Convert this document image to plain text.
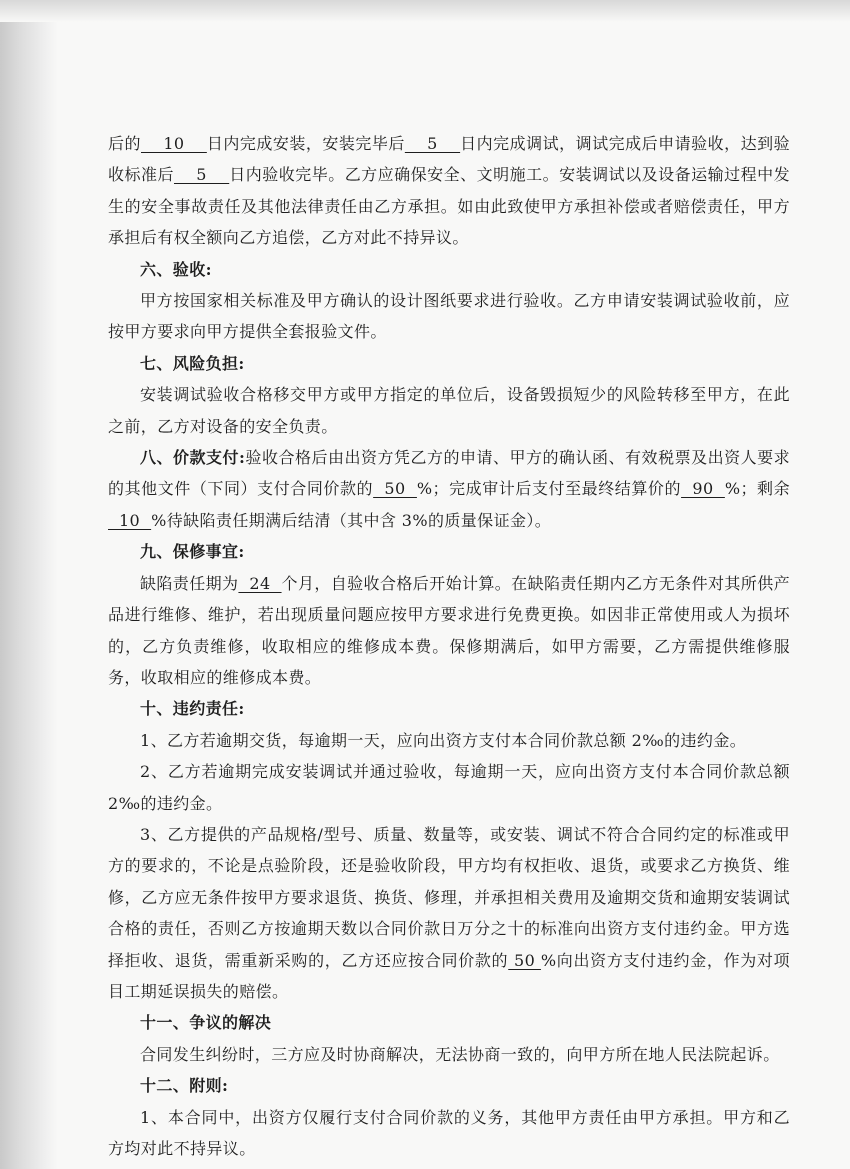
后的    10    日内完成安装，安装完毕后    5    日内完成调试，调试完成后申请验收，达到验收标准后    5    日内验收完毕。乙方应确保安全、文明施工。安装调试以及设备运输过程中发生的安全事故责任及其他法律责任由乙方承担。如由此致使甲方承担补偿或者赔偿责任，甲方承担后有权全额向乙方追偿，乙方对此不持异议。

六、验收:

甲方按国家相关标准及甲方确认的设计图纸要求进行验收。乙方申请安装调试验收前，应按甲方要求向甲方提供全套报验文件。

七、风险负担:

安装调试验收合格移交甲方或甲方指定的单位后，设备毁损短少的风险转移至甲方，在此之前，乙方对设备的安全负责。

八、价款支付:验收合格后由出资方凭乙方的申请、甲方的确认函、有效税票及出资人要求的其他文件（下同）支付合同价款的  50  %；完成审计后支付至最终结算价的  90  %；剩余  10  %待缺陷责任期满后结清（其中含 3%的质量保证金）。

九、保修事宜:

缺陷责任期为  24  个月，自验收合格后开始计算。在缺陷责任期内乙方无条件对其所供产品进行维修、维护，若出现质量问题应按甲方要求进行免费更换。如因非正常使用或人为损坏的，乙方负责维修，收取相应的维修成本费。保修期满后，如甲方需要，乙方需提供维修服务，收取相应的维修成本费。

十、违约责任:

1、乙方若逾期交货，每逾期一天，应向出资方支付本合同价款总额 2‰的违约金。

2、乙方若逾期完成安装调试并通过验收，每逾期一天，应向出资方支付本合同价款总额 2‰的违约金。

3、乙方提供的产品规格/型号、质量、数量等，或安装、调试不符合合同约定的标准或甲方的要求的，不论是点验阶段，还是验收阶段，甲方均有权拒收、退货，或要求乙方换货、维修，乙方应无条件按甲方要求退货、换货、修理，并承担相关费用及逾期交货和逾期安装调试合格的责任，否则乙方按逾期天数以合同价款日万分之十的标准向出资方支付违约金。甲方选择拒收、退货，需重新采购的，乙方还应按合同价款的 50 %向出资方支付违约金，作为对项目工期延误损失的赔偿。

十一、争议的解决

合同发生纠纷时，三方应及时协商解决，无法协商一致的，向甲方所在地人民法院起诉。

十二、附则:

1、本合同中，出资方仅履行支付合同价款的义务，其他甲方责任由甲方承担。甲方和乙方均对此不持异议。
